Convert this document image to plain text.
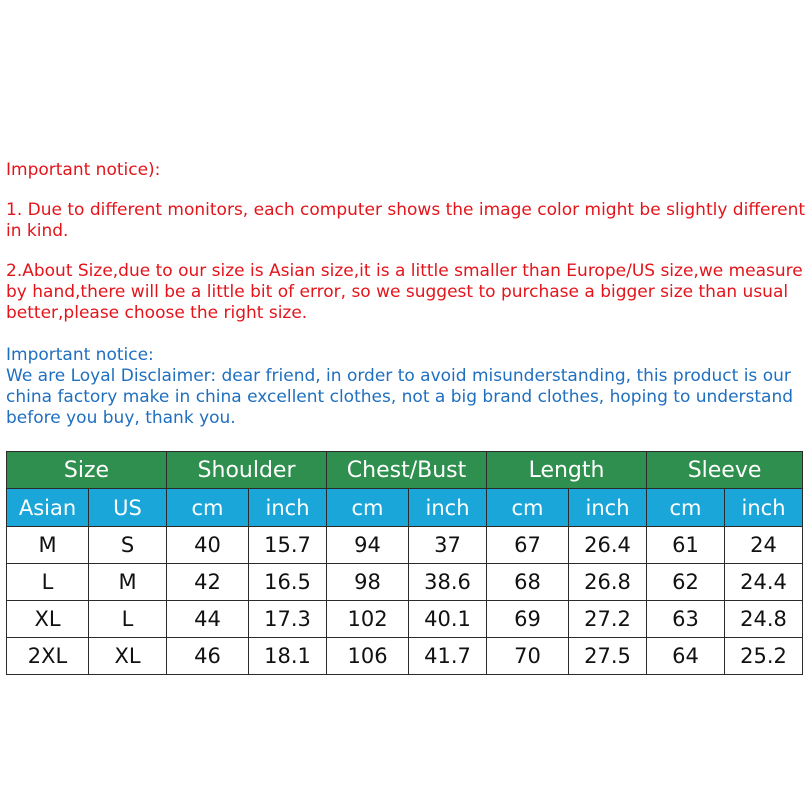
Important notice):

1. Due to different monitors, each computer shows the image color might be slightly different in kind.

2.About Size,due to our size is Asian size,it is a little smaller than Europe/US size,we measure by hand,there will be a little bit of error, so we suggest to purchase a bigger size than usual better,please choose the right size.

Important notice:
We are Loyal Disclaimer: dear friend, in order to avoid misunderstanding, this product is our china factory make in china excellent clothes, not a big brand clothes, hoping to understand before you buy, thank you.
Size		Shoulder		Chest/Bust		Length		Sleeve	
Asian	US	cm	inch	cm	inch	cm	inch	cm	inch
M	S	40	15.7	94	37	67	26.4	61	24
L	M	42	16.5	98	38.6	68	26.8	62	24.4
XL	L	44	17.3	102	40.1	69	27.2	63	24.8
2XL	XL	46	18.1	106	41.7	70	27.5	64	25.2
